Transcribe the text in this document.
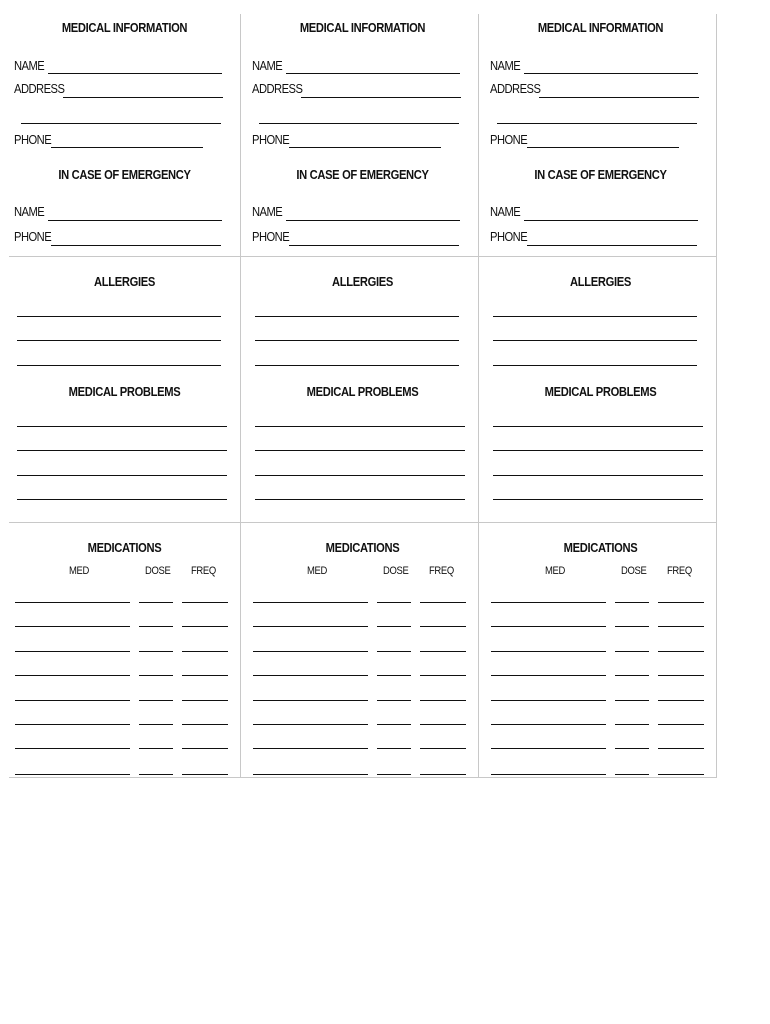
MEDICAL INFORMATION
NAME
ADDRESS
PHONE
IN CASE OF EMERGENCY
NAME
PHONE
ALLERGIES
MEDICAL PROBLEMS
MEDICATIONS
MED	DOSE FREQ
MEDICAL INFORMATION
NAME
ADDRESS
PHONE
IN CASE OF EMERGENCY
NAME
PHONE
ALLERGIES
MEDICAL PROBLEMS
MEDICATIONS
MED	DOSE FREQ
MEDICAL INFORMATION
NAME
ADDRESS
PHONE
IN CASE OF EMERGENCY
NAME
PHONE
ALLERGIES
MEDICAL PROBLEMS
MEDICATIONS
MED	DOSE FREQ
